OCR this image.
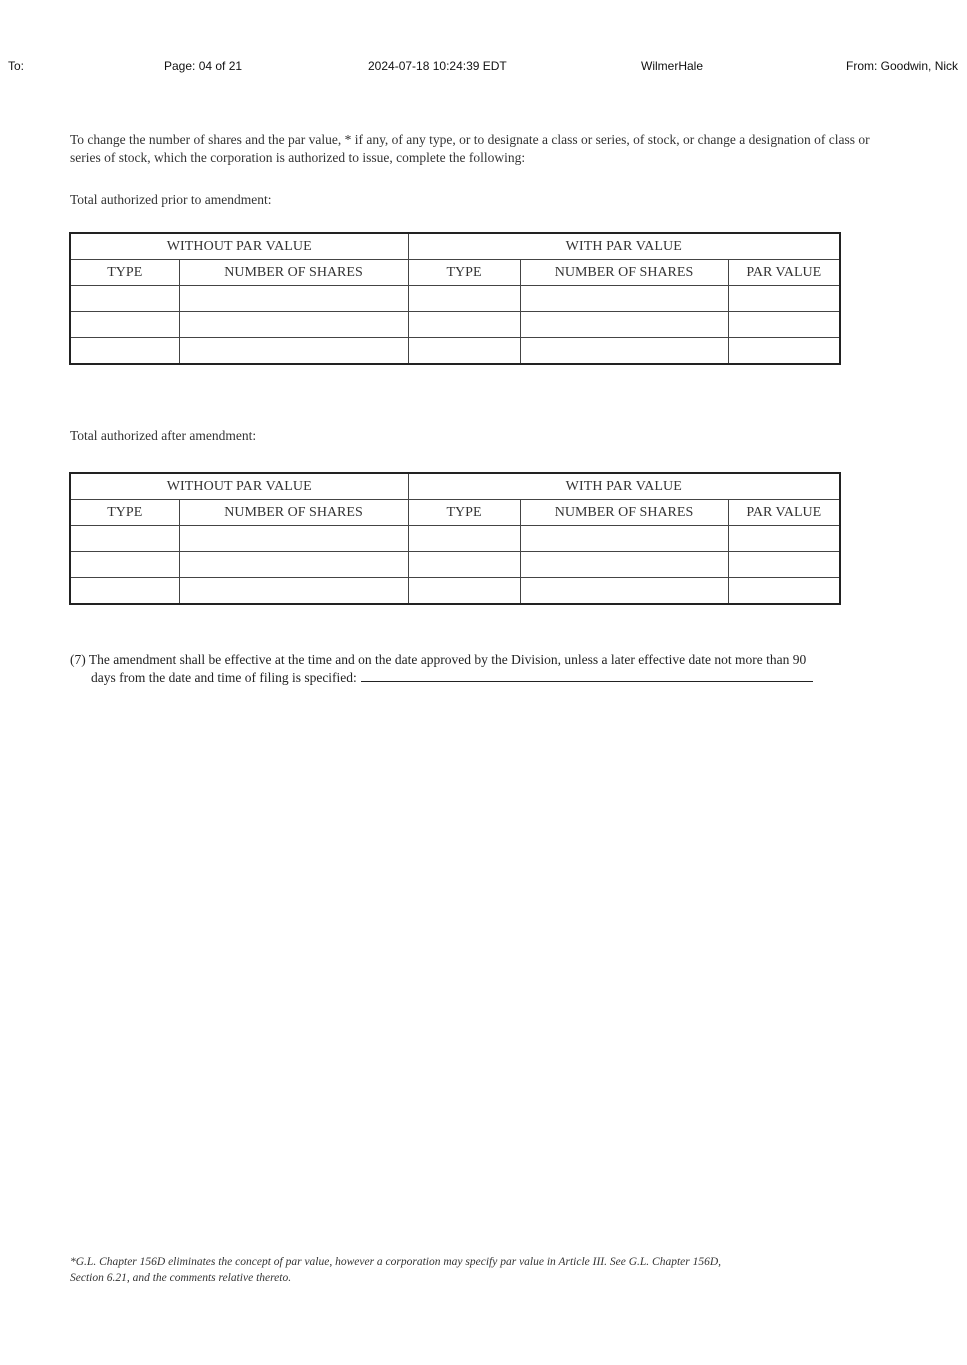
To:	Page: 04 of 21	2024-07-18 10:24:39 EDT	WilmerHale	From: Goodwin, Nick
To change the number of shares and the par value, * if any, of any type, or to designate a class or series, of stock, or change a designation of class or series of stock, which the corporation is authorized to issue, complete the following:
Total authorized prior to amendment:
WITHOUT PAR VALUE		WITH PAR VALUE		
TYPE	NUMBER OF SHARES	TYPE	NUMBER OF SHARES	PAR VALUE

Total authorized after amendment:
WITHOUT PAR VALUE		WITH PAR VALUE		
TYPE	NUMBER OF SHARES	TYPE	NUMBER OF SHARES	PAR VALUE

(7) The amendment shall be effective at the time and on the date approved by the Division, unless a later effective date not more than 90
days from the date and time of filing is specified:
*G.L. Chapter 156D eliminates the concept of par value, however a corporation may specify par value in Article III. See G.L. Chapter 156D,
Section 6.21, and the comments relative thereto.
